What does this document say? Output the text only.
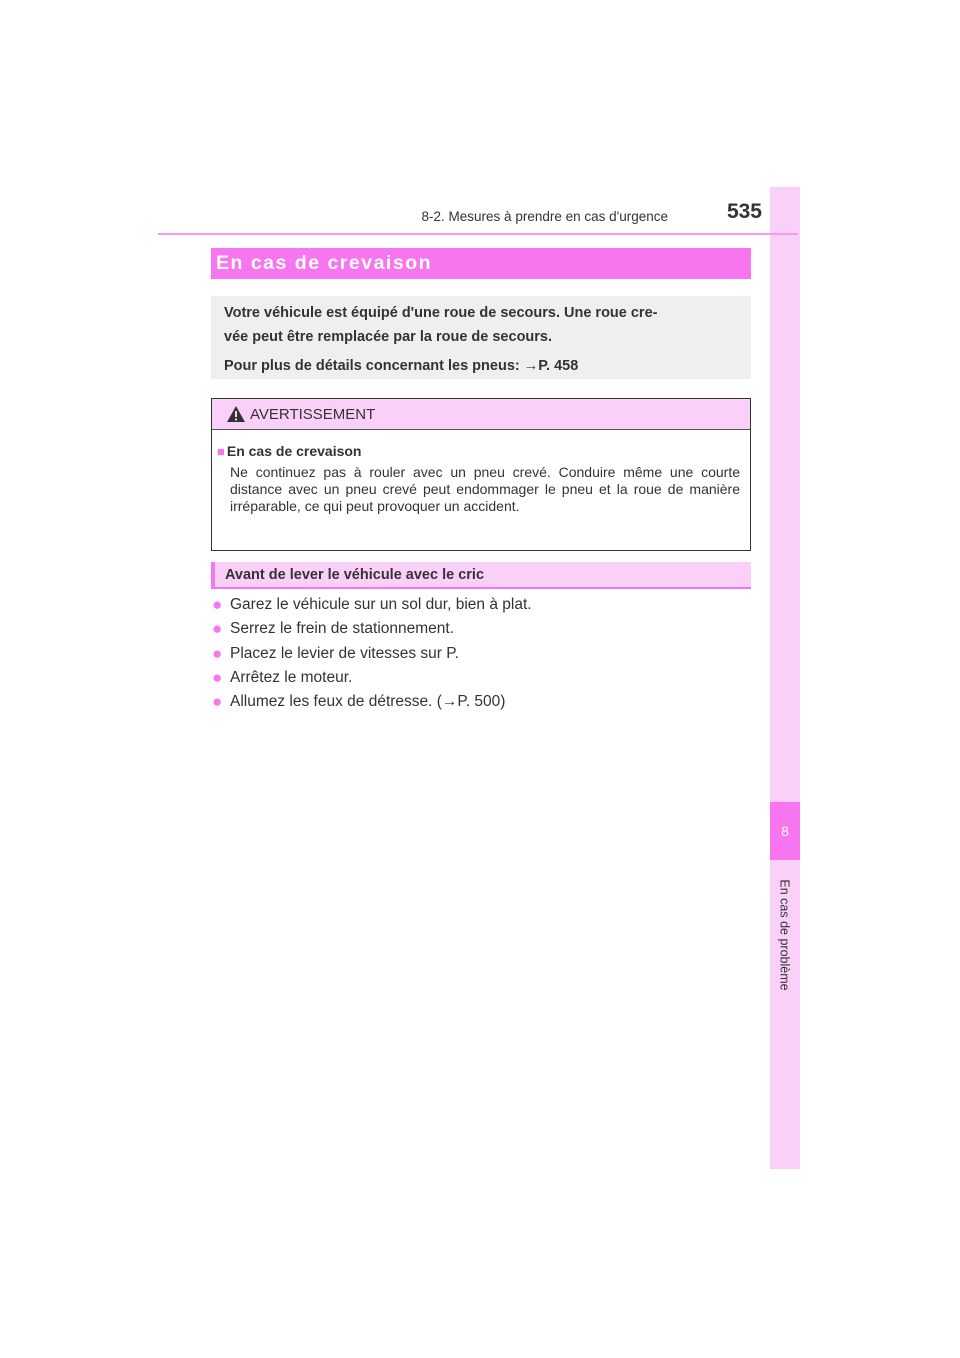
8
En cas de problème
8-2. Mesures à prendre en cas d'urgence	535
En cas de crevaison

Votre véhicule est équipé d'une roue de secours. Une roue cre-

vée peut être remplacée par la roue de secours.

Pour plus de détails concernant les pneus: →P. 458

AVERTISSEMENT
■ En cas de crevaison
Ne continuez pas à rouler avec un pneu crevé. Conduire même une courte distance avec un pneu crevé peut endommager le pneu et la roue de manière irréparable, ce qui peut provoquer un accident.
Avant de lever le véhicule avec le cric
● Garez le véhicule sur un sol dur, bien à plat.
● Serrez le frein de stationnement.
● Placez le levier de vitesses sur P.
● Arrêtez le moteur.
● Allumez les feux de détresse. (→P. 500)
